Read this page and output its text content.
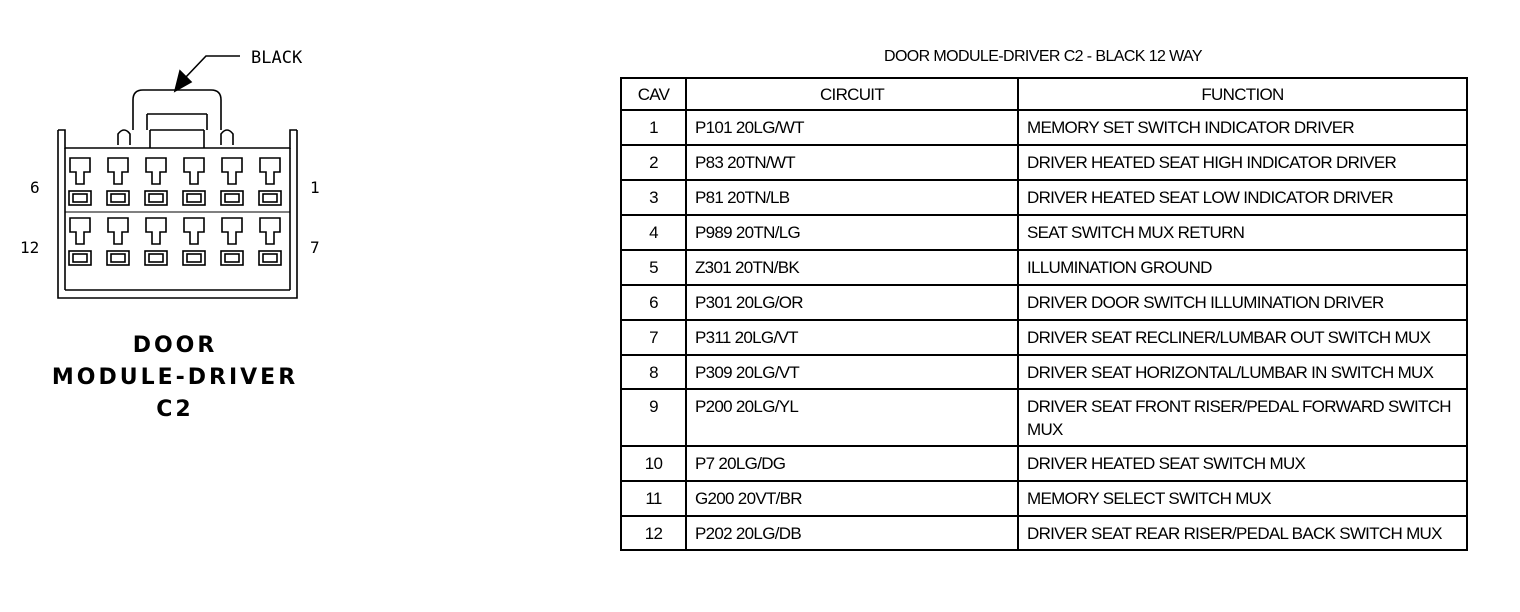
BLACK
6	1
12	7
DOOR
MODULE-DRIVER
C2
DOOR MODULE-DRIVER C2 - BLACK 12 WAY
CAV	CIRCUIT	FUNCTION
1	P101 20LG/WT	MEMORY SET SWITCH INDICATOR DRIVER
2	P83 20TN/WT	DRIVER HEATED SEAT HIGH INDICATOR DRIVER
3	P81 20TN/LB	DRIVER HEATED SEAT LOW INDICATOR DRIVER
4	P989 20TN/LG	SEAT SWITCH MUX RETURN
5	Z301 20TN/BK	ILLUMINATION GROUND
6	P301 20LG/OR	DRIVER DOOR SWITCH ILLUMINATION DRIVER
7	P311 20LG/VT	DRIVER SEAT RECLINER/LUMBAR OUT SWITCH MUX
8	P309 20LG/VT	DRIVER SEAT HORIZONTAL/LUMBAR IN SWITCH MUX
9	P200 20LG/YL	DRIVER SEAT FRONT RISER/PEDAL FORWARD SWITCH MUX
10	P7 20LG/DG	DRIVER HEATED SEAT SWITCH MUX
11	G200 20VT/BR	MEMORY SELECT SWITCH MUX
12	P202 20LG/DB	DRIVER SEAT REAR RISER/PEDAL BACK SWITCH MUX
